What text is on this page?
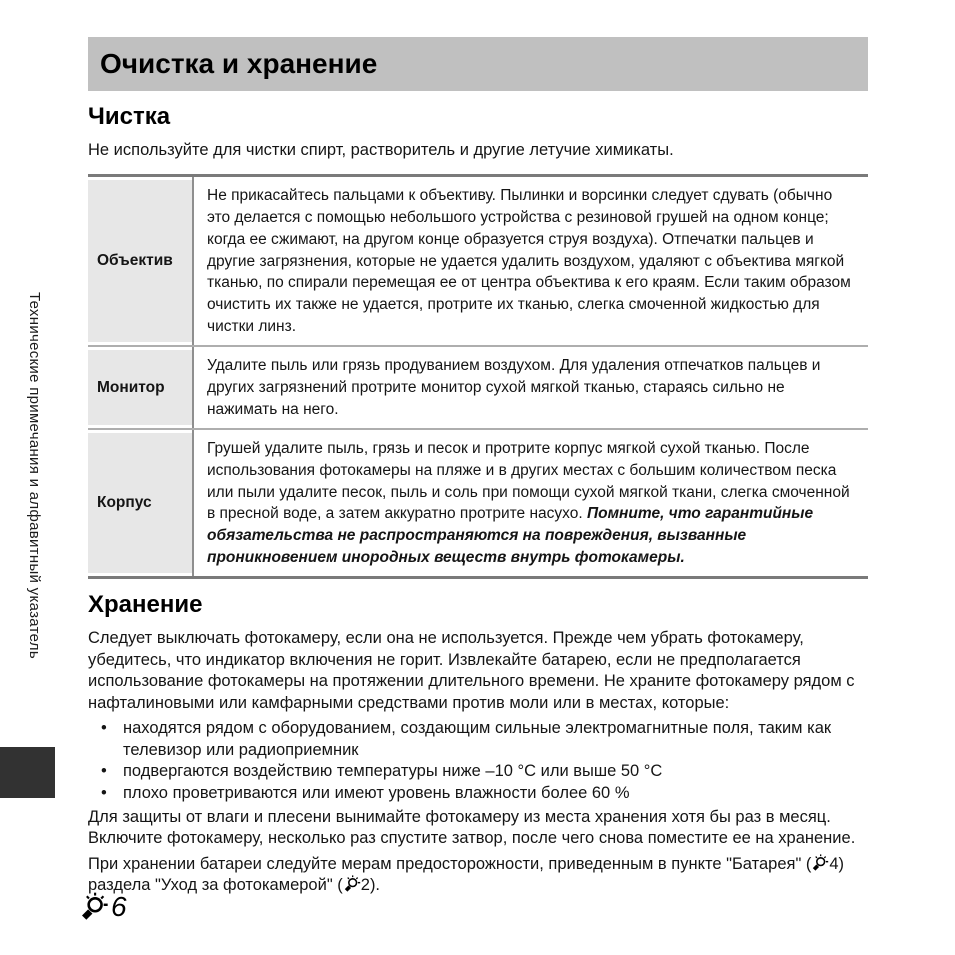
Технические примечания и алфавитный указатель
Очистка и хранение
Чистка

Не используйте для чистки спирт, растворитель и другие летучие химикаты.

Объектив

Не прикасайтесь пальцами к объективу. Пылинки и ворсинки следует сдувать (обычно это делается с помощью небольшого устройства с резиновой грушей на одном конце; когда ее сжимают, на другом конце образуется струя воздуха). Отпечатки пальцев и другие загрязнения, которые не удается удалить воздухом, удаляют с объектива мягкой тканью, по спирали перемещая ее от центра объектива к его краям. Если таким образом очистить их также не удается, протрите их тканью, слегка смоченной жидкостью для чистки линз.

Монитор

Удалите пыль или грязь продуванием воздухом. Для удаления отпечатков пальцев и других загрязнений протрите монитор сухой мягкой тканью, стараясь сильно не нажимать на него.

Корпус

Грушей удалите пыль, грязь и песок и протрите корпус мягкой сухой тканью. После использования фотокамеры на пляже и в других местах с большим количеством песка или пыли удалите песок, пыль и соль при помощи сухой мягкой ткани, слегка смоченной в пресной воде, а затем аккуратно протрите насухо. Помните, что гарантийные обязательства не распространяются на повреждения, вызванные проникновением инородных веществ внутрь фотокамеры.

Хранение

Следует выключать фотокамеру, если она не используется. Прежде чем убрать фотокамеру, убедитесь, что индикатор включения не горит. Извлекайте батарею, если не предполагается использование фотокамеры на протяжении длительного времени. Не храните фотокамеру рядом с нафталиновыми или камфарными средствами против моли или в местах, которые:

• находятся рядом с оборудованием, создающим сильные электромагнитные поля, таким как телевизор или радиоприемник
• подвергаются воздействию температуры ниже –10 °C или выше 50 °C
• плохо проветриваются или имеют уровень влажности более 60 %

Для защиты от влаги и плесени вынимайте фотокамеру из места хранения хотя бы раз в месяц. Включите фотокамеру, несколько раз спустите затвор, после чего снова поместите ее на хранение.

При хранении батареи следуйте мерам предосторожности, приведенным в пункте "Батарея" ( 4) раздела "Уход за фотокамерой" ( 2).

6
